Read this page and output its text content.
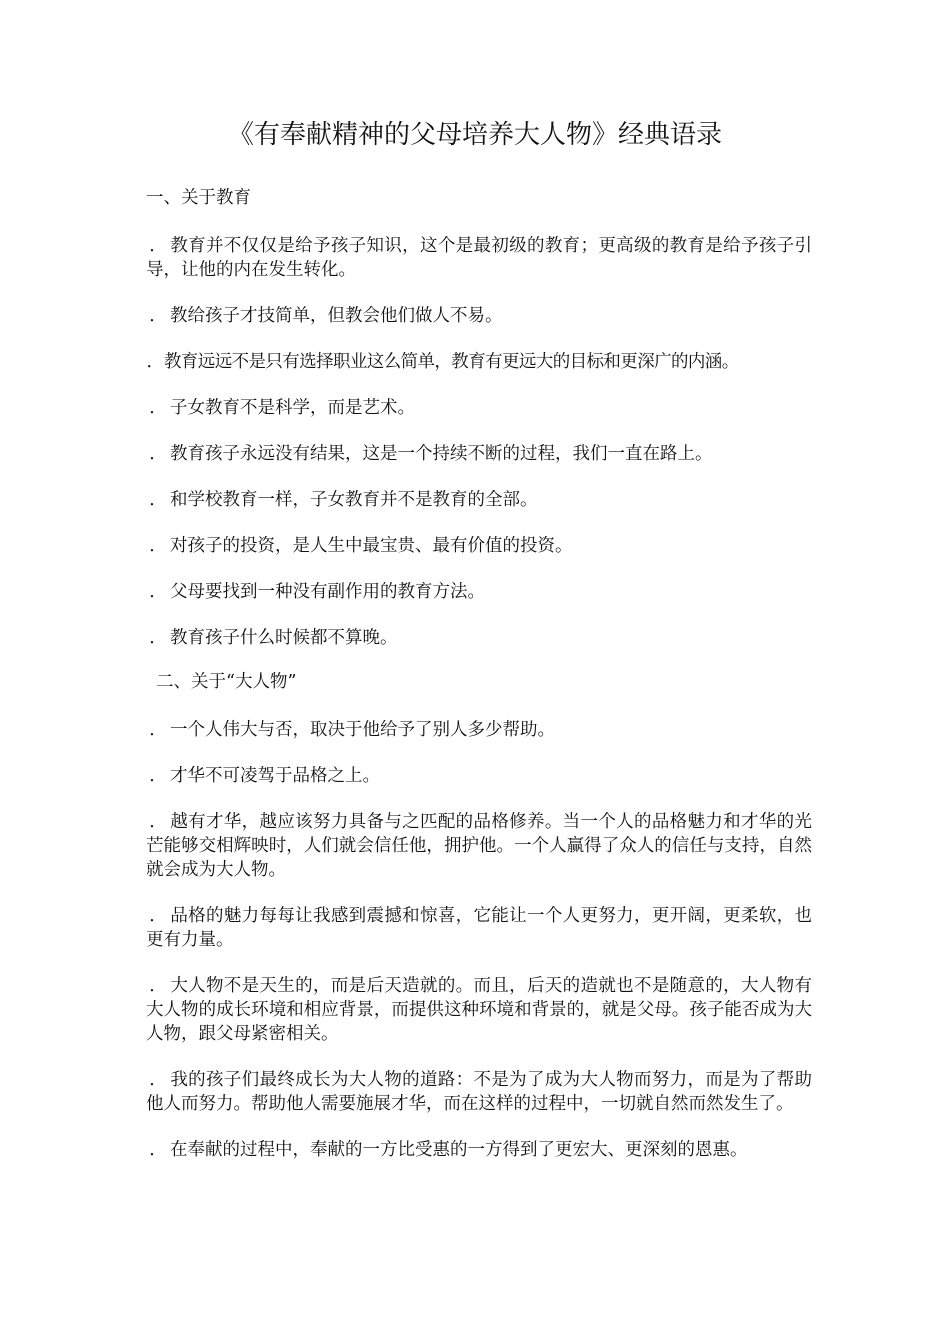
《有奉献精神的父母培养大人物》经典语录

一、关于教育

． 教育并不仅仅是给予孩子知识，这个是最初级的教育；更高级的教育是给予孩子引导，让他的内在发生转化。

． 教给孩子才技简单，但教会他们做人不易。

．教育远远不是只有选择职业这么简单，教育有更远大的目标和更深广的内涵。

． 子女教育不是科学，而是艺术。

． 教育孩子永远没有结果，这是一个持续不断的过程，我们一直在路上。

． 和学校教育一样，子女教育并不是教育的全部。

． 对孩子的投资，是人生中最宝贵、最有价值的投资。

． 父母要找到一种没有副作用的教育方法。

． 教育孩子什么时候都不算晚。

二、关于“大人物”

． 一个人伟大与否，取决于他给予了别人多少帮助。

． 才华不可凌驾于品格之上。

． 越有才华，越应该努力具备与之匹配的品格修养。当一个人的品格魅力和才华的光芒能够交相辉映时，人们就会信任他，拥护他。一个人赢得了众人的信任与支持，自然就会成为大人物。

． 品格的魅力每每让我感到震撼和惊喜，它能让一个人更努力，更开阔，更柔软，也更有力量。

． 大人物不是天生的，而是后天造就的。而且，后天的造就也不是随意的，大人物有大人物的成长环境和相应背景，而提供这种环境和背景的，就是父母。孩子能否成为大人物，跟父母紧密相关。

． 我的孩子们最终成长为大人物的道路：不是为了成为大人物而努力，而是为了帮助他人而努力。帮助他人需要施展才华，而在这样的过程中，一切就自然而然发生了。

． 在奉献的过程中，奉献的一方比受惠的一方得到了更宏大、更深刻的恩惠。
